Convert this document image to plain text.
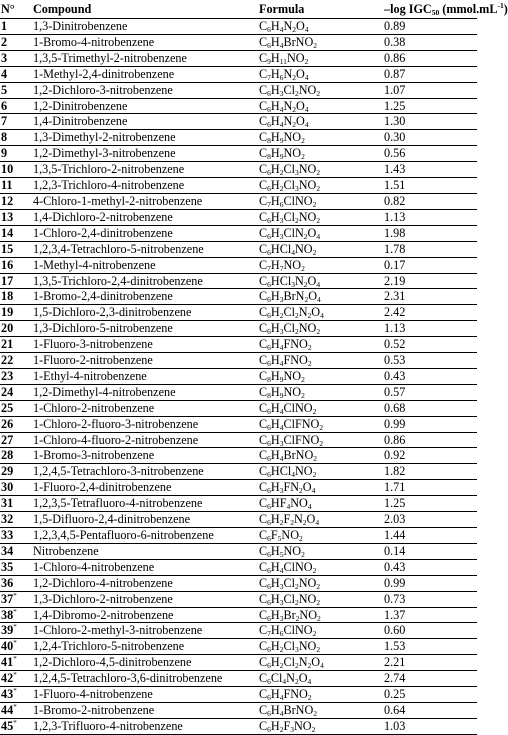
N°	Compound	Formula	–log IGC50 $(mmol.mL^{-1})$
1	1,3-Dinitrobenzene	$C_6H_4N_2O_4$	0.89
2	1-Bromo-4-nitrobenzene	$C_6H_4BrNO_2$	0.38
3	1,3,5-Trimethyl-2-nitrobenzene	$C_9H_{11}NO_2$	0.86
4	1-Methyl-2,4-dinitrobenzene	$C_7H_6N_2O_4$	0.87
5	1,2-Dichloro-3-nitrobenzene	$C_6H_3Cl_2NO_2$	1.07
6	1,2-Dinitrobenzene	$C_6H_4N_2O_4$	1.25
7	1,4-Dinitrobenzene	$C_6H_4N_2O_4$	1.30
8	1,3-Dimethyl-2-nitrobenzene	$C_8H_9NO_2$	0.30
9	1,2-Dimethyl-3-nitrobenzene	$C_8H_9NO_2$	0.56
10	1,3,5-Trichloro-2-nitrobenzene	$C_6H_2Cl_3NO_2$	1.43
11	1,2,3-Trichloro-4-nitrobenzene	$C_6H_2Cl_3NO_2$	1.51
12	4-Chloro-1-methyl-2-nitrobenzene	$C_7H_6ClNO_2$	0.82
13	1,4-Dichloro-2-nitrobenzene	$C_6H_3Cl_2NO_2$	1.13
14	1-Chloro-2,4-dinitrobenzene	$C_6H_3ClN_2O_4$	1.98
15	1,2,3,4-Tetrachloro-5-nitrobenzene	$C_6HCl_4NO_2$	1.78
16	1-Methyl-4-nitrobenzene	$C_7H_7NO_2$	0.17
17	1,3,5-Trichloro-2,4-dinitrobenzene	$C_6HCl_3N_2O_4$	2.19
18	1-Bromo-2,4-dinitrobenzene	$C_6H_3BrN_2O_4$	2.31
19	1,5-Dichloro-2,3-dinitrobenzene	$C_6H_2Cl_2N_2O_4$	2.42
20	1,3-Dichloro-5-nitrobenzene	$C_6H_3Cl_2NO_2$	1.13
21	1-Fluoro-3-nitrobenzene	$C_6H_4FNO_2$	0.52
22	1-Fluoro-2-nitrobenzene	$C_6H_4FNO_2$	0.53
23	1-Ethyl-4-nitrobenzene	$C_8H_9NO_2$	0.43
24	1,2-Dimethyl-4-nitrobenzene	$C_8H_9NO_2$	0.57
25	1-Chloro-2-nitrobenzene	$C_6H_4ClNO_2$	0.68
26	1-Chloro-2-fluoro-3-nitrobenzene	$C_6H_4ClFNO_2$	0.99
27	1-Chloro-4-fluoro-2-nitrobenzene	$C_6H_3ClFNO_2$	0.86
28	1-Bromo-3-nitrobenzene	$C_6H_4BrNO_2$	0.92
29	1,2,4,5-Tetrachloro-3-nitrobenzene	$C_6HCl_4NO_2$	1.82
30	1-Fluoro-2,4-dinitrobenzene	$C_6H_3FN_2O_4$	1.71
31	1,2,3,5-Tetrafluoro-4-nitrobenzene	$C_6HF_4NO_4$	1.25
32	1,5-Difluoro-2,4-dinitrobenzene	$C_6H_2F_2N_2O_4$	2.03
33	1,2,3,4,5-Pentafluoro-6-nitrobenzene	$C_6F_5NO_2$	1.44
34	Nitrobenzene	$C_6H_5NO_2$	0.14
35	1-Chloro-4-nitrobenzene	$C_6H_4ClNO_2$	0.43
36	1,2-Dichloro-4-nitrobenzene	$C_6H_3Cl_2NO_2$	0.99
37*	1,3-Dichloro-2-nitrobenzene	$C_6H_3Cl_2NO_2$	0.73
38*	1,4-Dibromo-2-nitrobenzene	$C_6H_3Br_2NO_2$	1.37
39*	1-Chloro-2-methyl-3-nitrobenzene	$C_7H_6ClNO_2$	0.60
40*	1,2,4-Trichloro-5-nitrobenzene	$C_6H_2Cl_3NO_2$	1.53
41*	1,2-Dichloro-4,5-dinitrobenzene	$C_6H_2Cl_2N_2O_4$	2.21
42*	1,2,4,5-Tetrachloro-3,6-dinitrobenzene	$C_6Cl_4N_2O_4$	2.74
43*	1-Fluoro-4-nitrobenzene	$C_6H_4FNO_2$	0.25
44*	1-Bromo-2-nitrobenzene	$C_6H_4BrNO_2$	0.64
45*	1,2,3-Trifluoro-4-nitrobenzene	$C_6H_2F_3NO_2$	1.03
